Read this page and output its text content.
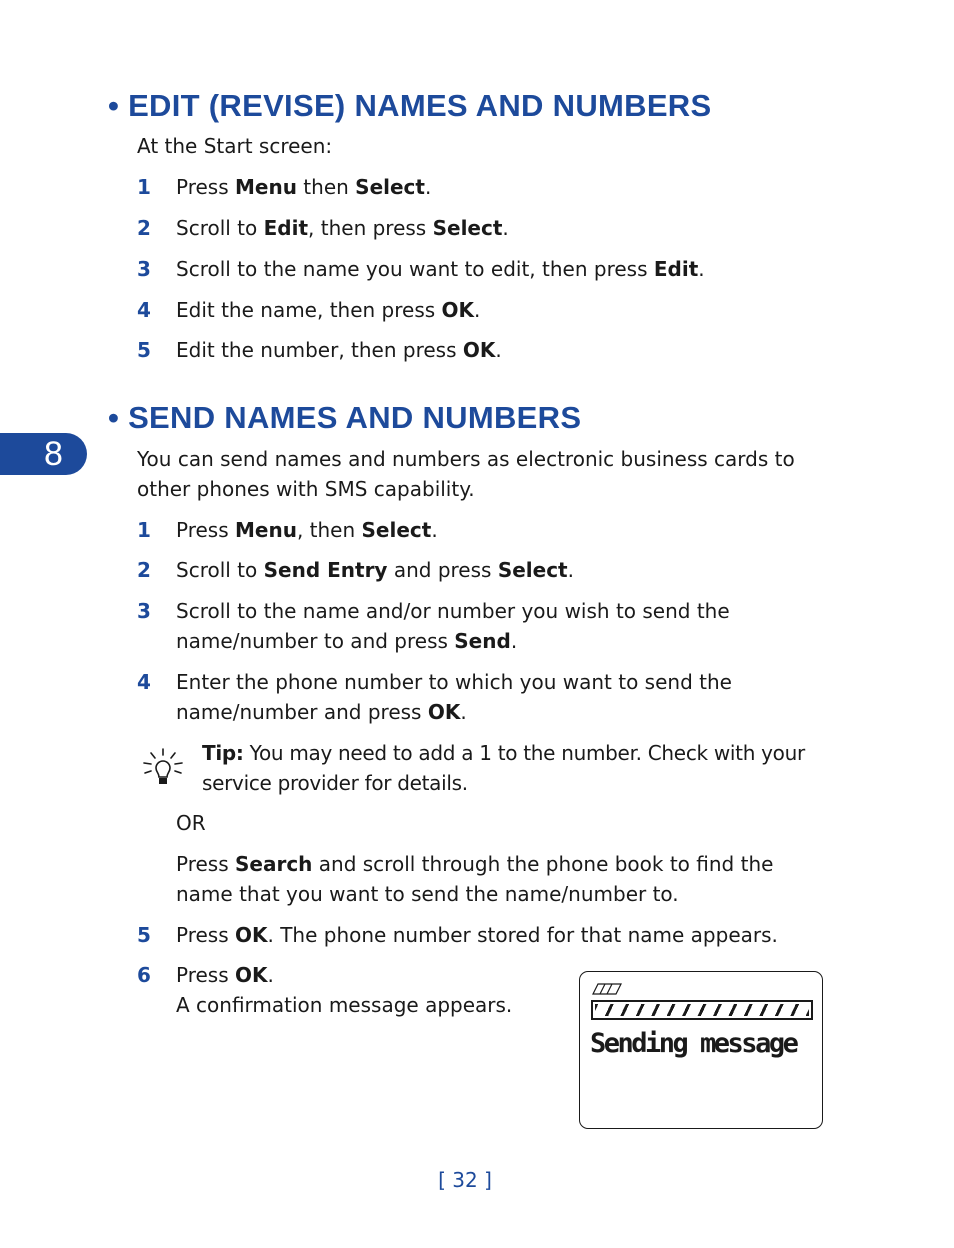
• EDIT (REVISE) NAMES AND NUMBERS

At the Start screen:

1 Press Menu then Select.
2 Scroll to Edit, then press Select.
3 Scroll to the name you want to edit, then press Edit.
4 Edit the name, then press OK.
5 Edit the number, then press OK.
8
• SEND NAMES AND NUMBERS

You can send names and numbers as electronic business cards to other phones with SMS capability.

1 Press Menu, then Select.
2 Scroll to Send Entry and press Select.
3 Scroll to the name and/or number you wish to send the name/number to and press Send.
4 Enter the phone number to which you want to send the name/number and press OK.
Tip: You may need to add a 1 to the number. Check with your service provider for details.
OR
Press Search and scroll through the phone book to find the name that you want to send the name/number to.
5 Press OK. The phone number stored for that name appears.
6 Press OK.
A confirmation message appears.
Sending message
[ 32 ]
